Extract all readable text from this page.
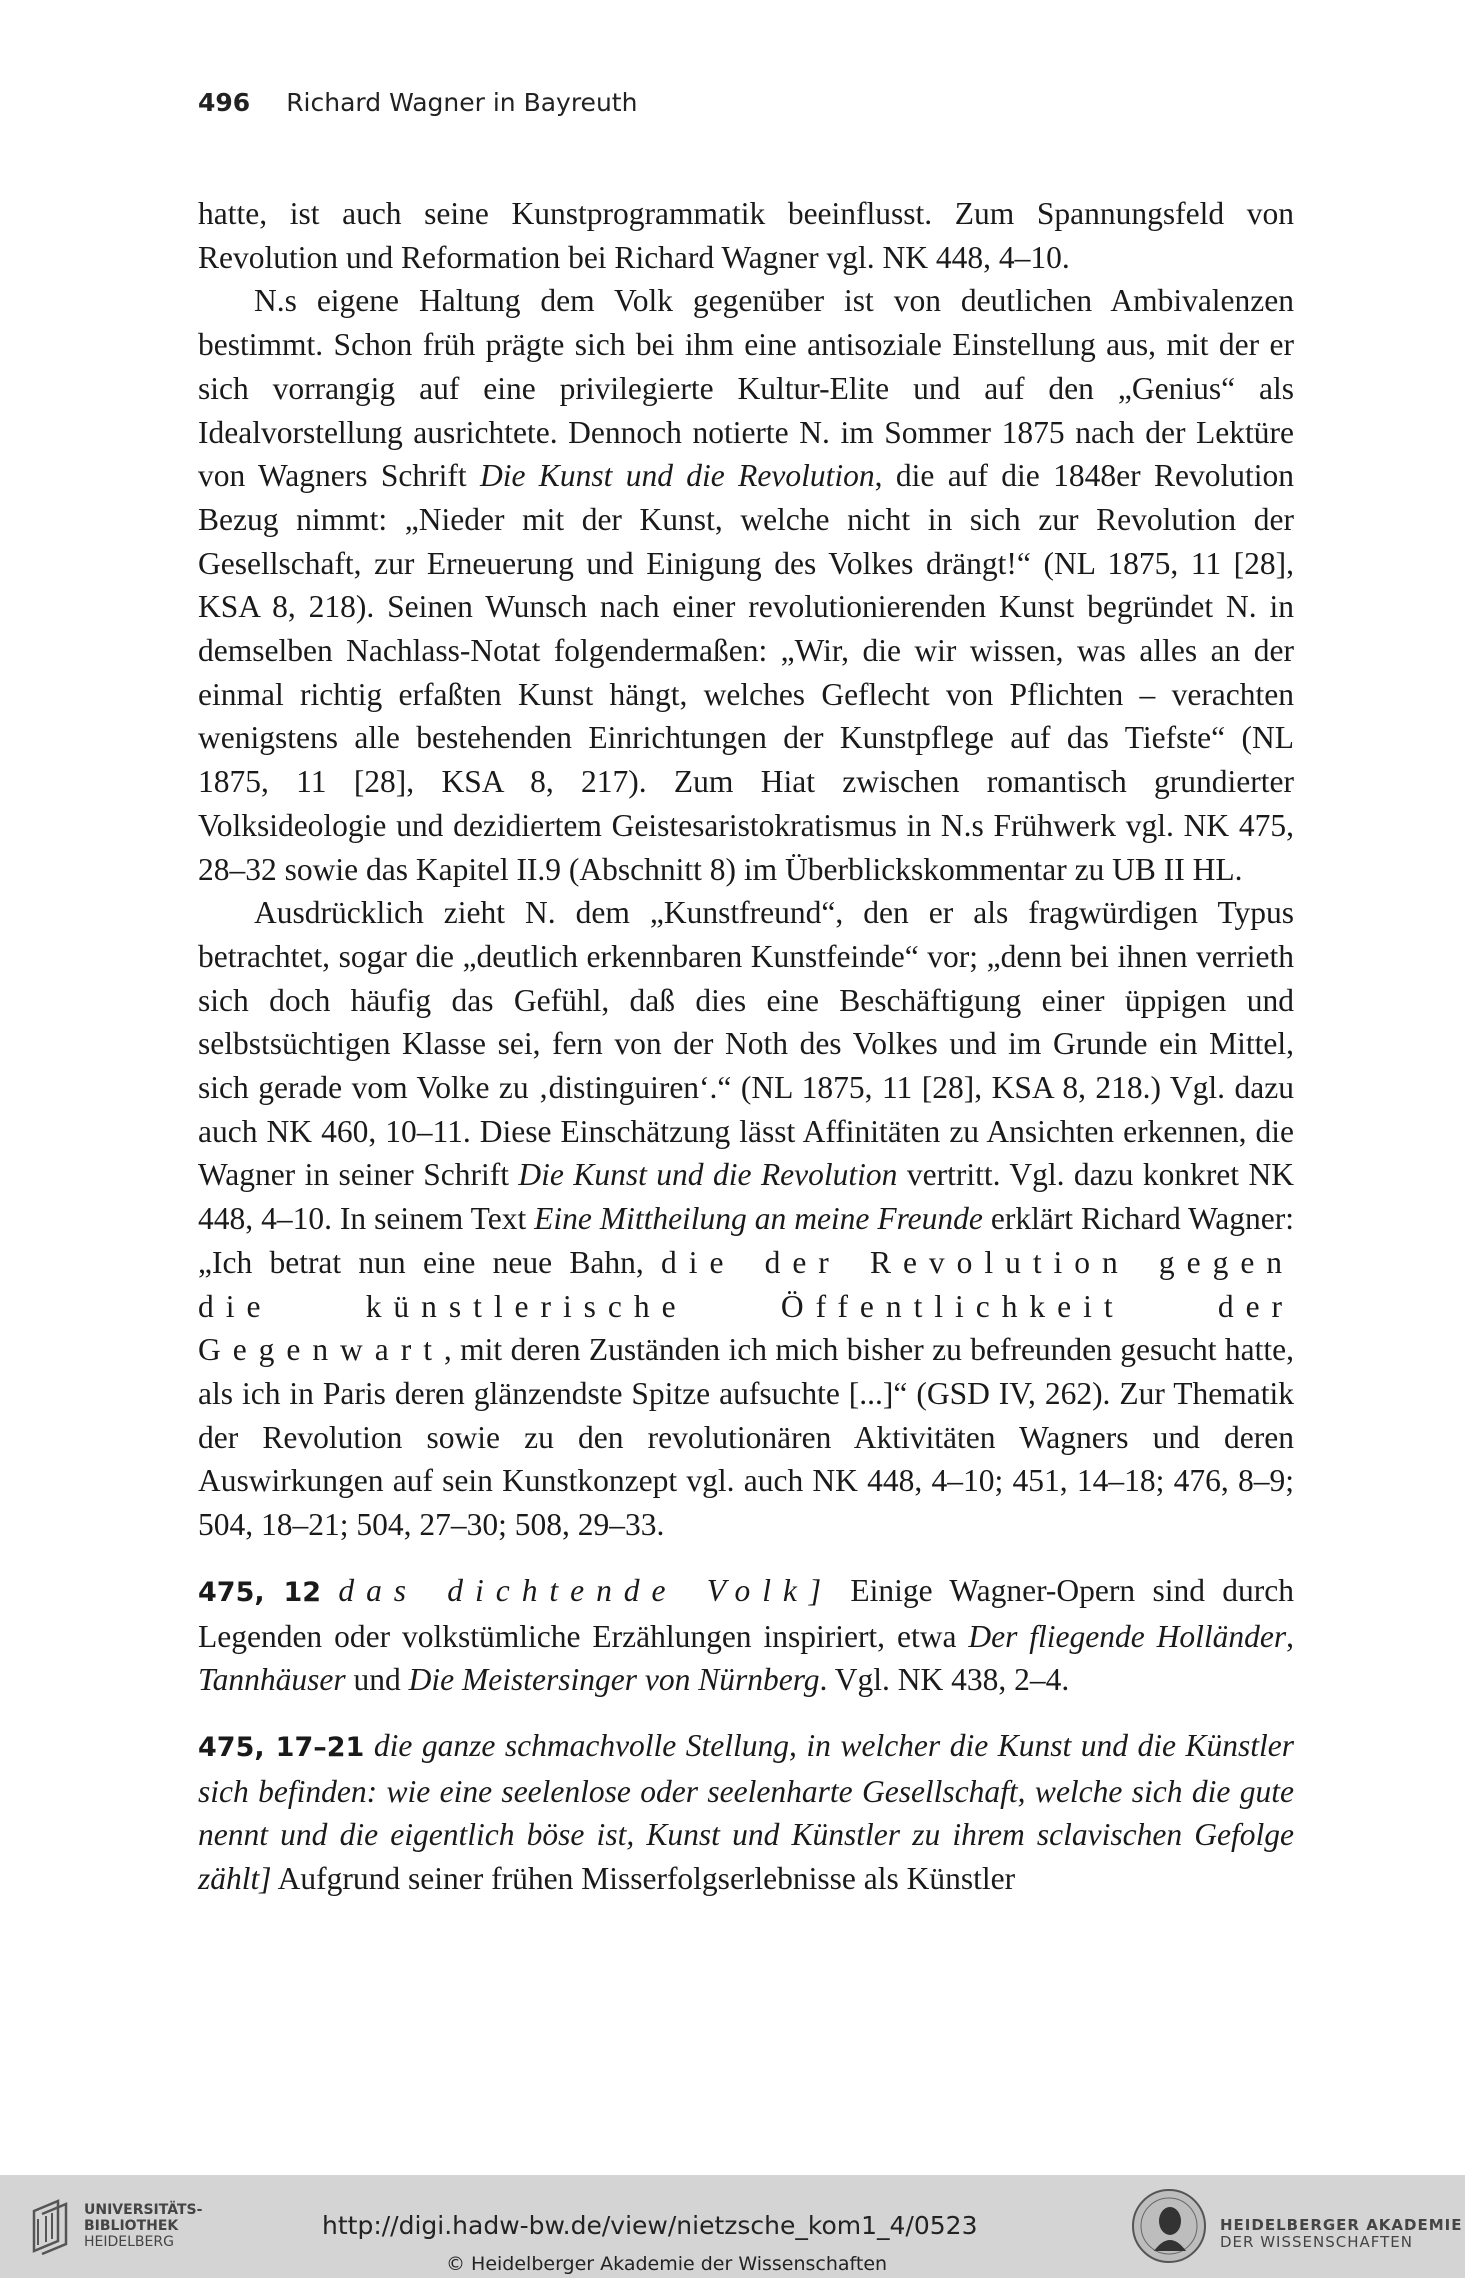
496 Richard Wagner in Bayreuth

hatte, ist auch seine Kunstprogrammatik beeinflusst. Zum Spannungsfeld von Revolution und Reformation bei Richard Wagner vgl. NK 448, 4–10.

N.s eigene Haltung dem Volk gegenüber ist von deutlichen Ambivalenzen bestimmt. Schon früh prägte sich bei ihm eine antisoziale Einstellung aus, mit der er sich vorrangig auf eine privilegierte Kultur-Elite und auf den „Genius“ als Idealvorstellung ausrichtete. Dennoch notierte N. im Sommer 1875 nach der Lektüre von Wagners Schrift Die Kunst und die Revolution, die auf die 1848er Revolution Bezug nimmt: „Nieder mit der Kunst, welche nicht in sich zur Revolution der Gesellschaft, zur Erneuerung und Einigung des Volkes drängt!“ (NL 1875, 11 [28], KSA 8, 218). Seinen Wunsch nach einer revolutionierenden Kunst begründet N. in demselben Nachlass-Notat folgendermaßen: „Wir, die wir wissen, was alles an der einmal richtig erfaßten Kunst hängt, welches Geflecht von Pflichten – verachten wenigstens alle bestehenden Einrichtungen der Kunstpflege auf das Tiefste“ (NL 1875, 11 [28], KSA 8, 217). Zum Hiat zwischen romantisch grundierter Volksideologie und dezidiertem Geistesaristokratismus in N.s Frühwerk vgl. NK 475, 28–32 sowie das Kapitel II.9 (Abschnitt 8) im Überblickskommentar zu UB II HL.

Ausdrücklich zieht N. dem „Kunstfreund“, den er als fragwürdigen Typus betrachtet, sogar die „deutlich erkennbaren Kunstfeinde“ vor; „denn bei ihnen verrieth sich doch häufig das Gefühl, daß dies eine Beschäftigung einer üppigen und selbstsüchtigen Klasse sei, fern von der Noth des Volkes und im Grunde ein Mittel, sich gerade vom Volke zu ‚distinguiren‘.“ (NL 1875, 11 [28], KSA 8, 218.) Vgl. dazu auch NK 460, 10–11. Diese Einschätzung lässt Affinitäten zu Ansichten erkennen, die Wagner in seiner Schrift Die Kunst und die Revolution vertritt. Vgl. dazu konkret NK 448, 4–10. In seinem Text Eine Mittheilung an meine Freunde erklärt Richard Wagner: „Ich betrat nun eine neue Bahn, die der Revolution gegen die künstlerische Öffentlichkeit der Gegenwart, mit deren Zuständen ich mich bisher zu befreunden gesucht hatte, als ich in Paris deren glänzendste Spitze aufsuchte [...]“ (GSD IV, 262). Zur Thematik der Revolution sowie zu den revolutionären Aktivitäten Wagners und deren Auswirkungen auf sein Kunstkonzept vgl. auch NK 448, 4–10; 451, 14–18; 476, 8–9; 504, 18–21; 504, 27–30; 508, 29–33.

475, 12 das dichtende Volk] Einige Wagner-Opern sind durch Legenden oder volkstümliche Erzählungen inspiriert, etwa Der fliegende Holländer, Tannhäuser und Die Meistersinger von Nürnberg. Vgl. NK 438, 2–4.

475, 17–21 die ganze schmachvolle Stellung, in welcher die Kunst und die Künstler sich befinden: wie eine seelenlose oder seelenharte Gesellschaft, welche sich die gute nennt und die eigentlich böse ist, Kunst und Künstler zu ihrem sclavischen Gefolge zählt] Aufgrund seiner frühen Misserfolgserlebnisse als Künstler

UNIVERSITÄTS-
BIBLIOTHEK
HEIDELBERG
http://digi.hadw-bw.de/view/nietzsche_kom1_4/0523
© Heidelberger Akademie der Wissenschaften
HEIDELBERGER AKADEMIE
DER WISSENSCHAFTEN
